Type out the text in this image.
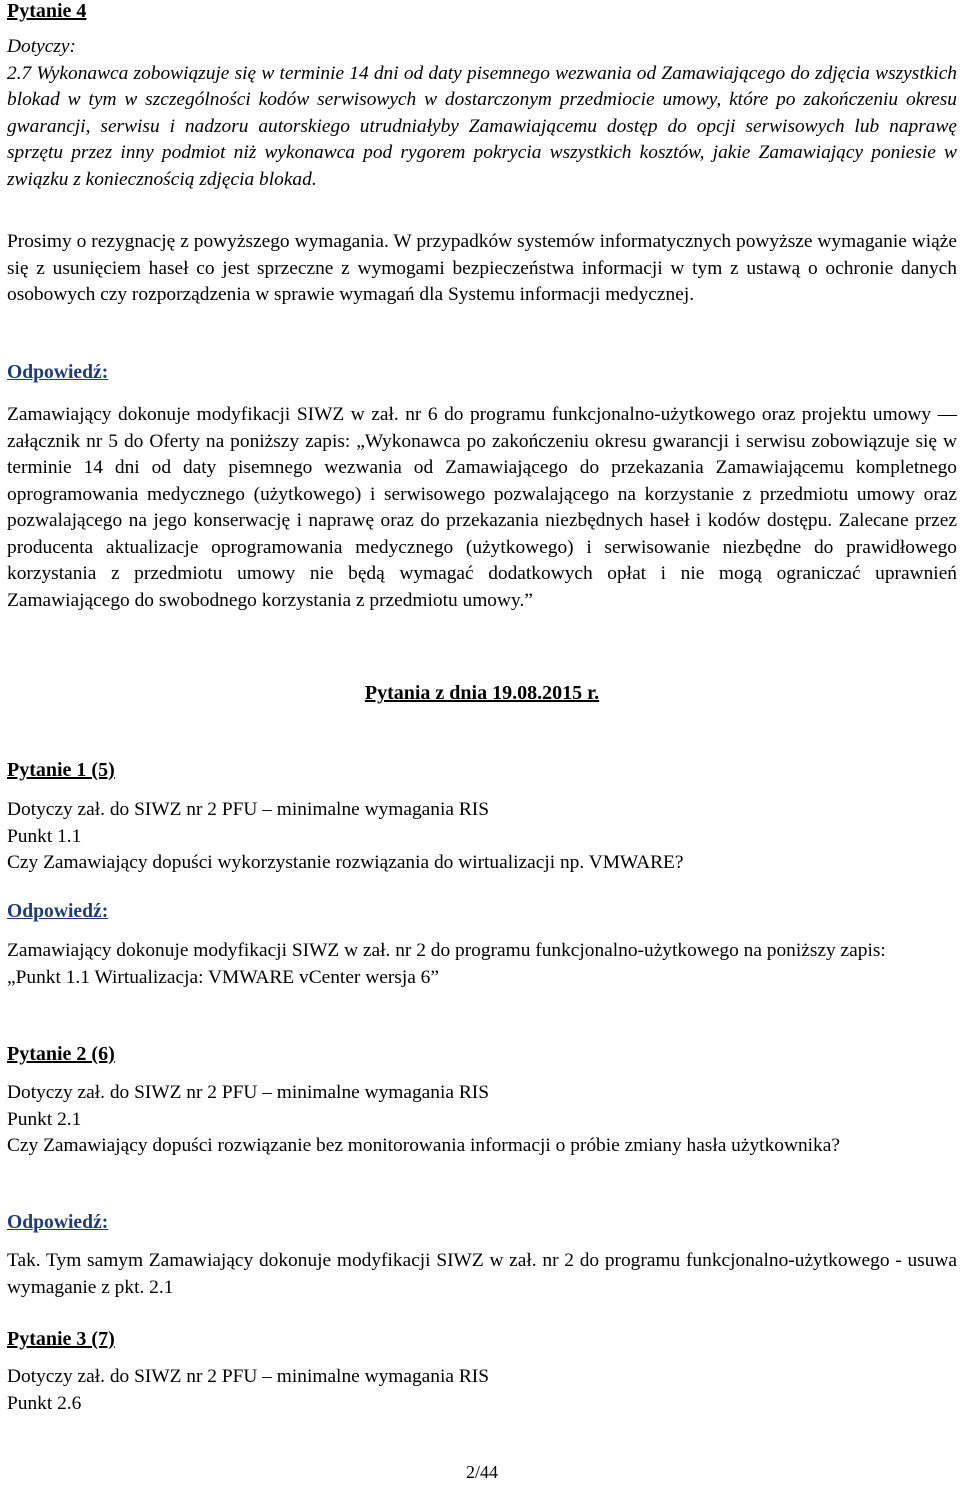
Pytanie 4

Dotyczy:
2.7 Wykonawca zobowiązuje się w terminie 14 dni od daty pisemnego wezwania od Zamawiającego do zdjęcia wszystkich blokad w tym w szczególności kodów serwisowych w dostarczonym przedmiocie umowy, które po zakończeniu okresu gwarancji, serwisu i nadzoru autorskiego utrudniałyby Zamawiającemu dostęp do opcji serwisowych lub naprawę sprzętu przez inny podmiot niż wykonawca pod rygorem pokrycia wszystkich kosztów, jakie Zamawiający poniesie w związku z koniecznością zdjęcia blokad.

Prosimy o rezygnację z powyższego wymagania. W przypadków systemów informatycznych powyższe wymaganie wiąże się z usunięciem haseł co jest sprzeczne z wymogami bezpieczeństwa informacji w tym z ustawą o ochronie danych osobowych czy rozporządzenia w sprawie wymagań dla Systemu informacji medycznej.

Odpowiedź:

Zamawiający dokonuje modyfikacji SIWZ w zał. nr 6 do programu funkcjonalno-użytkowego oraz projektu umowy — załącznik nr 5 do Oferty na poniższy zapis: „Wykonawca po zakończeniu okresu gwarancji i serwisu zobowiązuje się w terminie 14 dni od daty pisemnego wezwania od Zamawiającego do przekazania Zamawiającemu kompletnego oprogramowania medycznego (użytkowego) i serwisowego pozwalającego na korzystanie z przedmiotu umowy oraz pozwalającego na jego konserwację i naprawę oraz do przekazania niezbędnych haseł i kodów dostępu. Zalecane przez producenta aktualizacje oprogramowania medycznego (użytkowego) i serwisowanie niezbędne do prawidłowego korzystania z przedmiotu umowy nie będą wymagać dodatkowych opłat i nie mogą ograniczać uprawnień Zamawiającego do swobodnego korzystania z przedmiotu umowy.”

Pytania z dnia 19.08.2015 r.

Pytanie 1 (5)

Dotyczy zał. do SIWZ nr 2 PFU – minimalne wymagania RIS

Punkt 1.1

Czy Zamawiający dopuści wykorzystanie rozwiązania do wirtualizacji np. VMWARE?

Odpowiedź:

Zamawiający dokonuje modyfikacji SIWZ w zał. nr 2 do programu funkcjonalno-użytkowego na poniższy zapis:

„Punkt 1.1 Wirtualizacja: VMWARE vCenter wersja 6”

Pytanie 2 (6)

Dotyczy zał. do SIWZ nr 2 PFU – minimalne wymagania RIS

Punkt 2.1

Czy Zamawiający dopuści rozwiązanie bez monitorowania informacji o próbie zmiany hasła użytkownika?

Odpowiedź:

Tak. Tym samym Zamawiający dokonuje modyfikacji SIWZ w zał. nr 2 do programu funkcjonalno-użytkowego - usuwa wymaganie z pkt. 2.1

Pytanie 3 (7)

Dotyczy zał. do SIWZ nr 2 PFU – minimalne wymagania RIS

Punkt 2.6

2/44
